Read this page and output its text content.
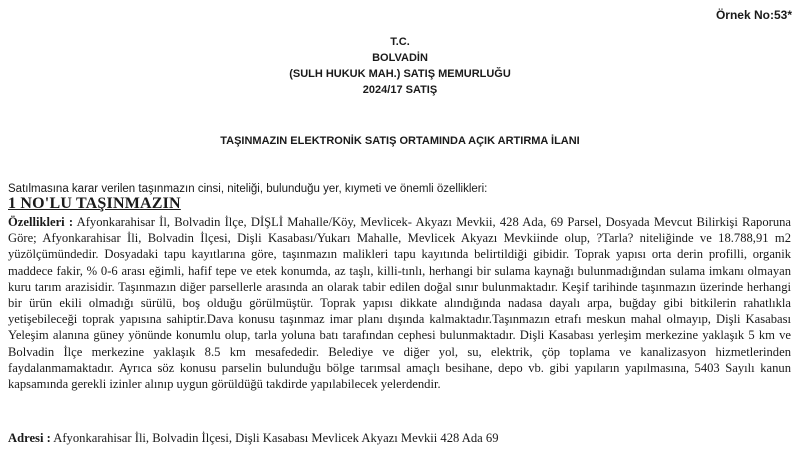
Örnek No:53*
T.C.
BOLVADİN
(SULH HUKUK MAH.) SATIŞ MEMURLUĞU
2024/17 SATIŞ
TAŞINMAZIN ELEKTRONİK SATIŞ ORTAMINDA AÇIK ARTIRMA İLANI
Satılmasına karar verilen taşınmazın cinsi, niteliği, bulunduğu yer, kıymeti ve önemli özellikleri:
1 NO'LU TAŞINMAZIN
Özellikleri : Afyonkarahisar İl, Bolvadin İlçe, DİŞLİ Mahalle/Köy, Mevlicek- Akyazı Mevkii, 428 Ada, 69 Parsel, Dosyada Mevcut Bilirkişi Raporuna Göre; Afyonkarahisar İli, Bolvadin İlçesi, Dişli Kasabası/Yukarı Mahalle, Mevlicek Akyazı Mevkiinde olup, ?Tarla? niteliğinde ve 18.788,91 m2 yüzölçümündedir. Dosyadaki tapu kayıtlarına göre, taşınmazın malikleri tapu kayıtında belirtildiği gibidir. Toprak yapısı orta derin profilli, organik maddece fakir, % 0-6 arası eğimli, hafif tepe ve etek konumda, az taşlı, killi-tınlı, herhangi bir sulama kaynağı bulunmadığından sulama imkanı olmayan kuru tarım arazisidir. Taşınmazın diğer parsellerle arasında an olarak tabir edilen doğal sınır bulunmaktadır. Keşif tarihinde taşınmazın üzerinde herhangi bir ürün ekili olmadığı sürülü, boş olduğu görülmüştür. Toprak yapısı dikkate alındığında nadasa dayalı arpa, buğday gibi bitkilerin rahatlıkla yetişebileceği toprak yapısına sahiptir.Dava konusu taşınmaz imar planı dışında kalmaktadır.Taşınmazın etrafı meskun mahal olmayıp, Dişli Kasabası Yeleşim alanına güney yönünde konumlu olup, tarla yoluna batı tarafından cephesi bulunmaktadır. Dişli Kasabası yerleşim merkezine yaklaşık 5 km ve Bolvadin İlçe merkezine yaklaşık 8.5 km mesafededir. Belediye ve diğer yol, su, elektrik, çöp toplama ve kanalizasyon hizmetlerinden faydalanmamaktadır. Ayrıca söz konusu parselin bulunduğu bölge tarımsal amaçlı besihane, depo vb. gibi yapıların yapılmasına, 5403 Sayılı kanun kapsamında gerekli izinler alınıp uygun görüldüğü takdirde yapılabilecek yelerdendir.
Adresi : Afyonkarahisar İli, Bolvadin İlçesi, Dişli Kasabası Mevlicek Akyazı Mevkii 428 Ada 69
